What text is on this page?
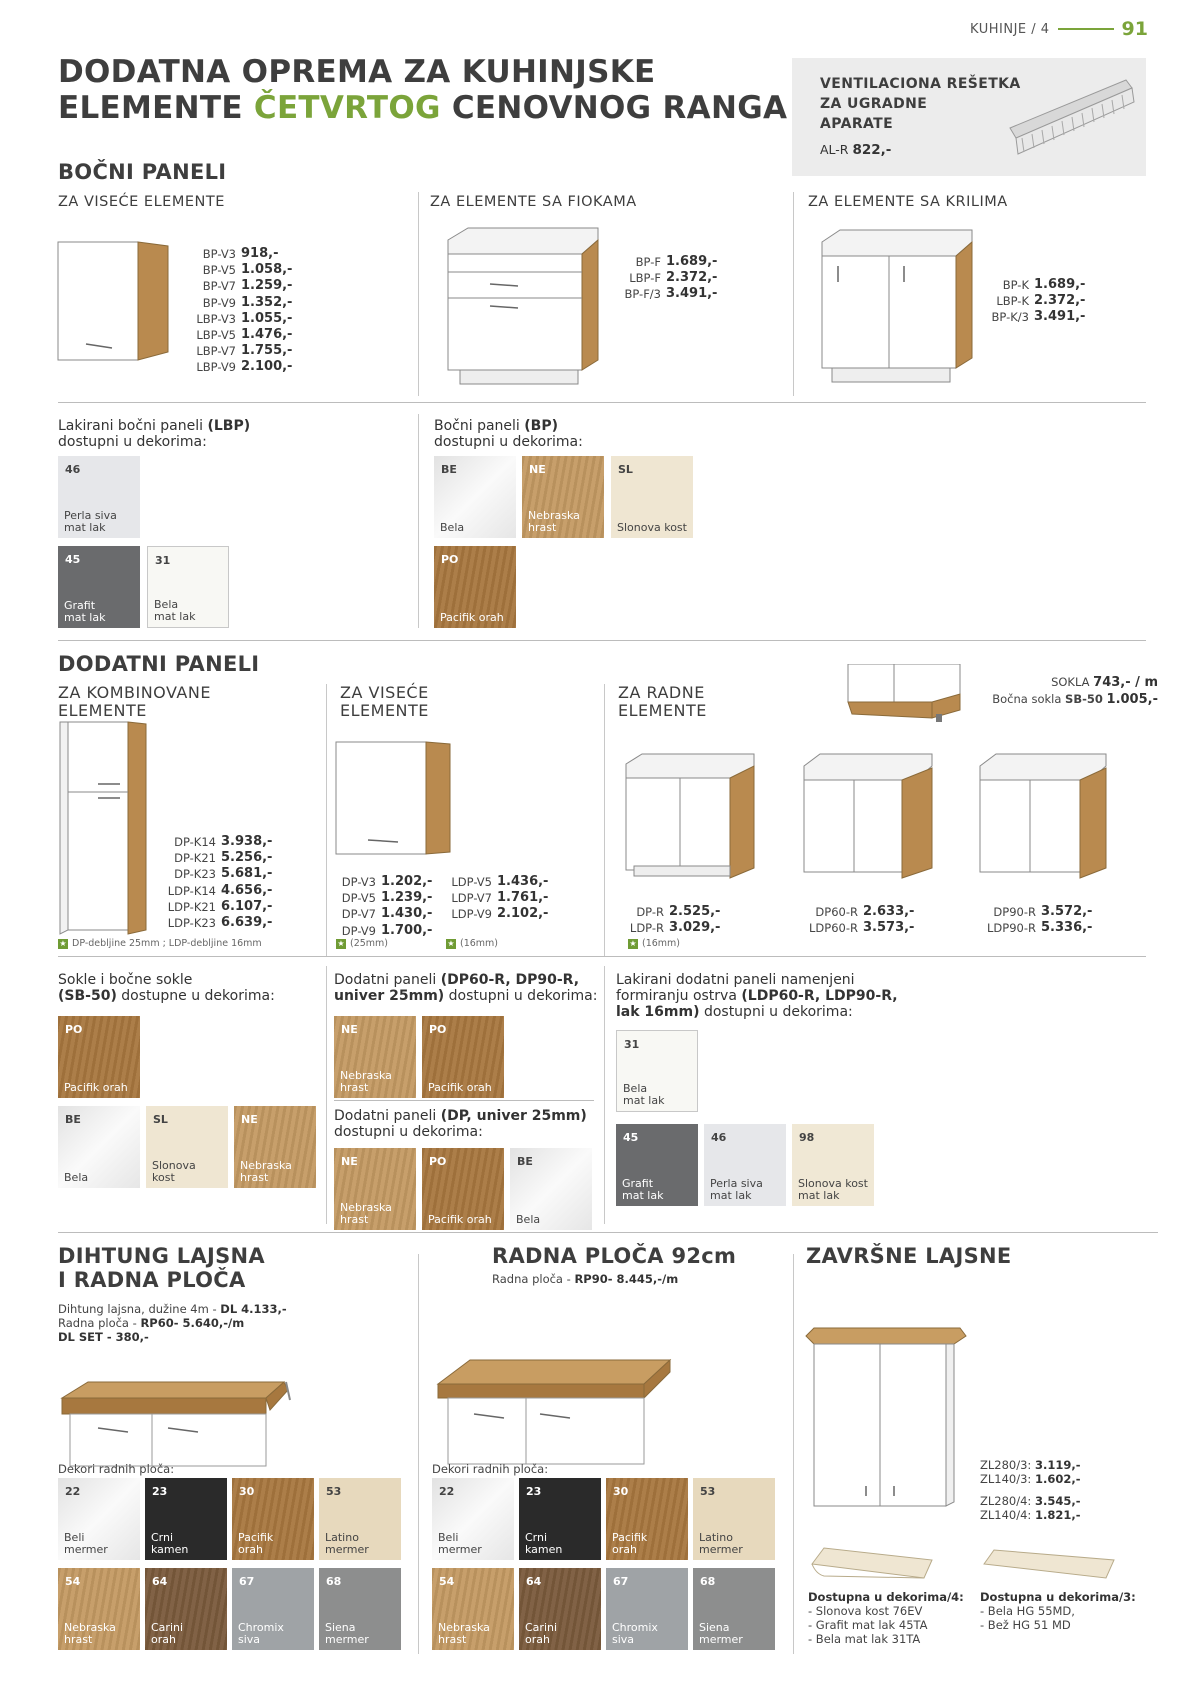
KUHINJE / 4	91
DODATNA OPREMA ZA KUHINJSKE
ELEMENTE ČETVRTOG CENOVNOG RANGA
VENTILACIONA REŠETKA
ZA UGRADNE
APARATE
AL-R 822,-
BOČNI PANELI
ZA VISEĆE ELEMENTE	ZA ELEMENTE SA FIOKAMA	ZA ELEMENTE SA KRILIMA
BP-V3 918,-
BP-V5 1.058,-
BP-V7 1.259,-
BP-V9 1.352,-
LBP-V3 1.055,-
LBP-V5 1.476,-
LBP-V7 1.755,-
LBP-V9 2.100,-
BP-F 1.689,-
LBP-F 2.372,-
BP-F/3 3.491,-
BP-K 1.689,-
LBP-K 2.372,-
BP-K/3 3.491,-
Lakirani bočni paneli (LBP)
dostupni u dekorima:
Bočni paneli (BP)
dostupni u dekorima:
46
Perla siva
mat lak
45
Grafit
mat lak
31
Bela
mat lak
BE
Bela
NE
Nebraska
hrast
SL
Slonova kost
PO
Pacifik orah
DODATNI PANELI
ZA KOMBINOVANE
ELEMENTE
ZA VISEĆE
ELEMENTE
ZA RADNE
ELEMENTE
SOKLA 743,- / m
Bočna sokla SB-50 1.005,-
DP-K14 3.938,-
DP-K21 5.256,-
DP-K23 5.681,-
LDP-K14 4.656,-
LDP-K21 6.107,-
LDP-K23 6.639,-
DP-V3 1.202,-
DP-V5 1.239,-
DP-V7 1.430,-
DP-V9 1.700,-
LDP-V5 1.436,-
LDP-V7 1.761,-
LDP-V9 2.102,-	DP-R 2.525,-
LDP-R 3.029,-
DP60-R 2.633,-
LDP60-R 3.573,-
DP90-R 3.572,-
LDP90-R 5.336,-
★ DP-debljine 25mm ; LDP-debljine 16mm	★ (25mm)	★ (16mm)	★ (16mm)
Sokle i bočne sokle
(SB-50) dostupne u dekorima:
Dodatni paneli (DP60-R, DP90-R,
univer 25mm) dostupni u dekorima:
Dodatni paneli (DP, univer 25mm)
dostupni u dekorima:
Lakirani dodatni paneli namenjeni
formiranju ostrva (LDP60-R, LDP90-R,
lak 16mm) dostupni u dekorima:
PO
Pacifik orah
BE
Bela
SL
Slonova
kost
NE
Nebraska
hrast
NE
Nebraska
hrast
PO
Pacifik orah
NE
Nebraska
hrast
PO
Pacifik orah
BE
Bela
31
Bela
mat lak
45
Grafit
mat lak
46
Perla siva
mat lak
98
Slonova kost
mat lak
DIHTUNG LAJSNA
I RADNA PLOČA
Dihtung lajsna, dužine 4m - DL 4.133,-
Radna ploča - RP60- 5.640,-/m
DL SET - 380,-
RADNA PLOČA 92cm
Radna ploča - RP90- 8.445,-/m
ZAVRŠNE LAJSNE
Dekori radnih ploča:	Dekori radnih ploča:
22
Beli
mermer
23
Crni
kamen
30
Pacifik
orah
53
Latino
mermer
54
Nebraska
hrast
64
Carini
orah
67
Chromix
siva
68
Siena
mermer
22
Beli
mermer
23
Crni
kamen
30
Pacifik
orah
53
Latino
mermer
54
Nebraska
hrast
64
Carini
orah
67
Chromix
siva
68
Siena
mermer
ZL280/3: 3.119,-
ZL140/3: 1.602,-
ZL280/4: 3.545,-
ZL140/4: 1.821,-
Dostupna u dekorima/4:
- Slonova kost 76EV
- Grafit mat lak 45TA
- Bela mat lak 31TA
Dostupna u dekorima/3:
- Bela HG 55MD,
- Bež HG 51 MD
